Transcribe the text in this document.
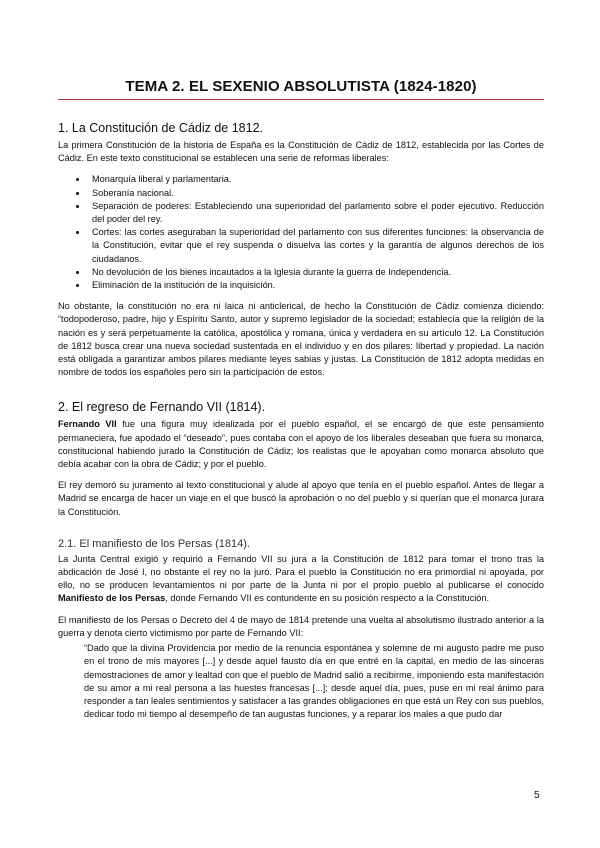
TEMA 2. EL SEXENIO ABSOLUTISTA (1824-1820)
1. La Constitución de Cádiz de 1812.

La primera Constitución de la historia de España es la Constitución de Cádiz de 1812, establecida por las Cortes de Cádiz. En este texto constitucional se establecen una serie de reformas liberales:

• Monarquía liberal y parlamentaria.
• Soberanía nacional.
• Separación de poderes: Estableciendo una superioridad del parlamento sobre el poder ejecutivo. Reducción del poder del rey.
• Cortes: las cortes aseguraban la superioridad del parlamento con sus diferentes funciones: la observancia de la Constitución, evitar que el rey suspenda o disuelva las cortes y la garantía de algunos derechos de los ciudadanos.
• No devolución de los bienes incautados a la Iglesia durante la guerra de Independencia.
• Eliminación de la institución de la inquisición.

No obstante, la constitución no era ni laica ni anticlerical, de hecho la Constitución de Cádiz comienza diciendo: “todopoderoso, padre, hijo y Espíritu Santo, autor y supremo legislador de la sociedad; establecía que la religión de la nación es y será perpetuamente la católica, apostólica y romana, única y verdadera en su artículo 12. La Constitución de 1812 busca crear una nueva sociedad sustentada en el individuo y en dos pilares: libertad y propiedad. La nación está obligada a garantizar ambos pilares mediante leyes sabias y justas. La Constitución de 1812 adopta medidas en nombre de todos los españoles pero sin la participación de estos.

2. El regreso de Fernando VII (1814).

Fernando VII fue una figura muy idealizada por el pueblo español, el se encargó de que este pensamiento permaneciera, fue apodado el “deseado”, pues contaba con el apoyo de los liberales deseaban que fuera su monarca, constitucional habiendo jurado la Constitución de Cádiz; los realistas que le apoyaban como monarca absoluto que debía acabar con la obra de Cádiz; y por el pueblo.

El rey demoró su juramento al texto constitucional y alude al apoyo que tenía en el pueblo español. Antes de llegar a Madrid se encarga de hacer un viaje en el que buscó la aprobación o no del pueblo y si querían que el monarca jurara la Constitución.

2.1. El manifiesto de los Persas (1814).

La Junta Central exigió y requirió a Fernando VII su jura a la Constitución de 1812 para tomar el trono tras la abdicación de José I, no obstante el rey no la juró. Para el pueblo la Constitución no era primordial ni apoyada, por ello, no se producen levantamientos ni por parte de la Junta ni por el propio pueblo al publicarse el conocido Manifiesto de los Persas, donde Fernando VII es contundente en su posición respecto a la Constitución.

El manifiesto de los Persas o Decreto del 4 de mayo de 1814 pretende una vuelta al absolutismo ilustrado anterior a la guerra y denota cierto victimismo por parte de Fernando VII:

“Dado que la divina Providencia por medio de la renuncia espontánea y solemne de mi augusto padre me puso en el trono de mis mayores [...] y desde aquel fausto día en que entré en la capital, en medio de las sinceras demostraciones de amor y lealtad con que el pueblo de Madrid salió a recibirme, imponiendo esta manifestación de su amor a mi real persona a las huestes francesas [...]; desde aquel día, pues, puse en mi real ánimo para responder a tan leales sentimientos y satisfacer a las grandes obligaciones en que está un Rey con sus pueblos, dedicar todo mi tiempo al desempeño de tan augustas funciones, y a reparar los males a que pudo dar

5
